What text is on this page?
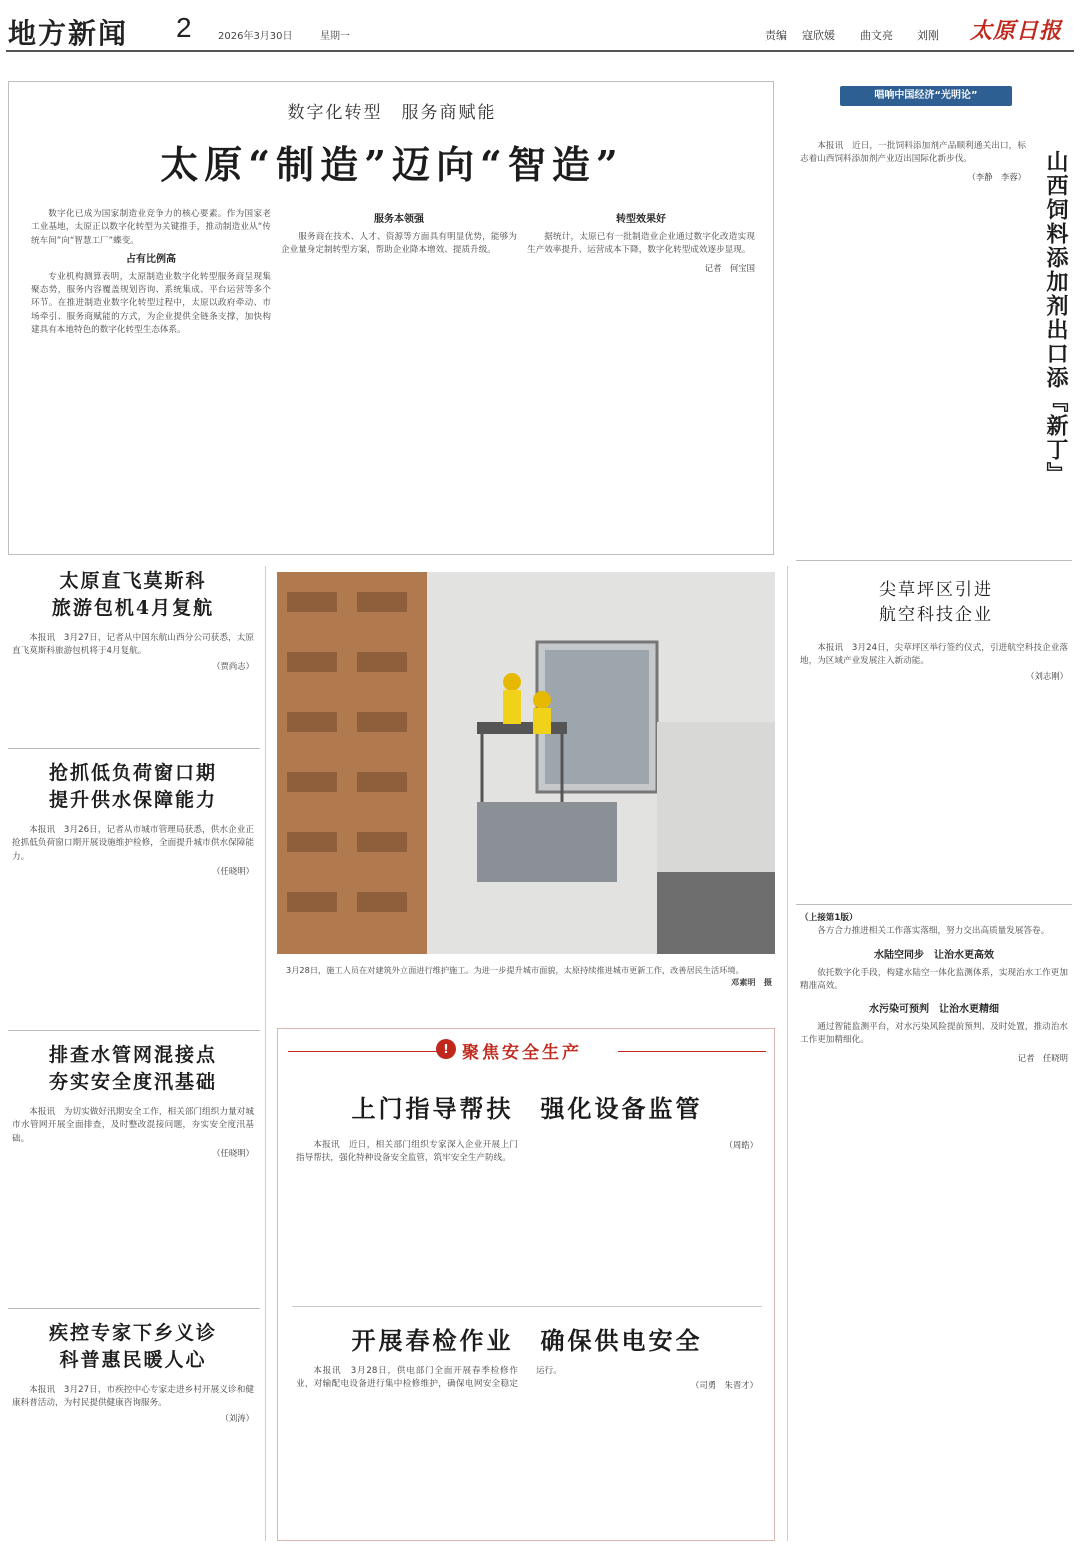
地方新闻 2	2026年3月30日	星期一	责编 寇欣媛 曲文亮 刘刚 太原日报
数字化转型　服务商赋能
太原“制造”迈向“智造”

数字化已成为国家制造业竞争力的核心要素。作为国家老工业基地，太原正以数字化转型为关键推手，推动制造业从“传统车间”向“智慧工厂”蝶变。

占有比例高

专业机构测算表明，太原制造业数字化转型服务商呈现集聚态势，服务内容覆盖规划咨询、系统集成、平台运营等多个环节。在推进制造业数字化转型过程中，太原以政府牵动、市场牵引、服务商赋能的方式，为企业提供全链条支撑，加快构建具有本地特色的数字化转型生态体系。

服务本领强

服务商在技术、人才、资源等方面具有明显优势，能够为企业量身定制转型方案，帮助企业降本增效、提质升级。

转型效果好

据统计，太原已有一批制造业企业通过数字化改造实现生产效率提升、运营成本下降，数字化转型成效逐步显现。

记者　何宝国
唱响中国经济“光明论”

本报讯　近日，一批饲料添加剂产品顺利通关出口，标志着山西饲料添加剂产业迈出国际化新步伐。

（李静　李蓉） 山西饲料添加剂出口添『新丁』
太原直飞莫斯科
旅游包机4月复航

本报讯　3月27日，记者从中国东航山西分公司获悉，太原直飞莫斯科旅游包机将于4月复航。

（贾尚志）
抢抓低负荷窗口期
提升供水保障能力

本报讯　3月26日，记者从市城市管理局获悉，供水企业正抢抓低负荷窗口期开展设施维护检修，全面提升城市供水保障能力。

（任晓明）
排查水管网混接点
夯实安全度汛基础

本报讯　为切实做好汛期安全工作，相关部门组织力量对城市水管网开展全面排查，及时整改混接问题，夯实安全度汛基础。

（任晓明）
疾控专家下乡义诊
科普惠民暖人心

本报讯　3月27日，市疾控中心专家走进乡村开展义诊和健康科普活动，为村民提供健康咨询服务。

（刘涛）
3月28日，施工人员在对建筑外立面进行维护施工。为进一步提升城市面貌，太原持续推进城市更新工作，改善居民生活环境。
邓素明　摄
! 聚焦安全生产
上门指导帮扶　强化设备监管

本报讯　近日，相关部门组织专家深入企业开展上门指导帮扶，强化特种设备安全监管，筑牢安全生产防线。

（周皓）
开展春检作业　确保供电安全

本报讯　3月28日，供电部门全面开展春季检修作业，对输配电设备进行集中检修维护，确保电网安全稳定运行。

（司勇　朱晋才）
尖草坪区引进
航空科技企业

本报讯　3月24日，尖草坪区举行签约仪式，引进航空科技企业落地，为区域产业发展注入新动能。

（刘志刚）
（上接第1版）

各方合力推进相关工作落实落细，努力交出高质量发展答卷。

水陆空同步　让治水更高效

依托数字化手段，构建水陆空一体化监测体系，实现治水工作更加精准高效。

水污染可预判　让治水更精细

通过智能监测平台，对水污染风险提前预判、及时处置，推动治水工作更加精细化。

记者　任晓明
